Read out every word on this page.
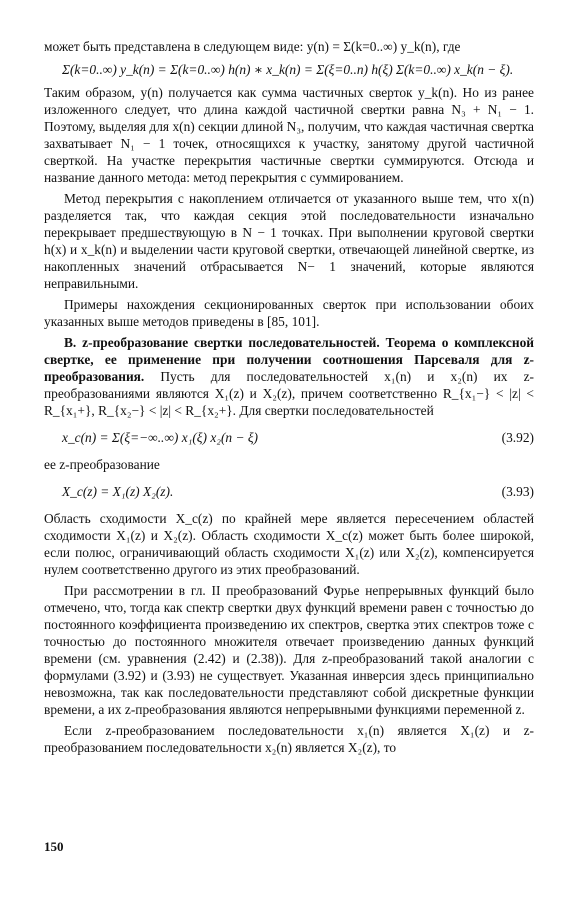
может быть представлена в следующем виде: y(n) = Σ(k=0..∞) y_k(n), где

Σ(k=0..∞) y_k(n) = Σ(k=0..∞) h(n) ∗ x_k(n) = Σ(ξ=0..n) h(ξ) Σ(k=0..∞) x_k(n − ξ).

Таким образом, y(n) получается как сумма частичных сверток y_k(n). Но из ранее изложенного следует, что длина каждой частичной свертки равна N₃ + N₁ − 1. Поэтому, выделяя для x(n) секции длиной N₃, получим, что каждая частичная свертка захватывает N₁ − 1 точек, относящихся к участку, занятому другой частичной сверткой. На участке перекрытия частичные свертки суммируются. Отсюда и название данного метода: метод перекрытия с суммированием.

Метод перекрытия с накоплением отличается от указанного выше тем, что x(n) разделяется так, что каждая секция этой последовательности изначально перекрывает предшествующую в N − 1 точках. При выполнении круговой свертки h(x) и x_k(n) и выделении части круговой свертки, отвечающей линейной свертке, из накопленных значений отбрасывается N− 1 значений, которые являются неправильными.

Примеры нахождения секционированных сверток при использовании обоих указанных выше методов приведены в [85, 101].

В. z-преобразование свертки последовательностей. Теорема о комплексной свертке, ее применение при получении соотношения Парсеваля для z-преобразования. Пусть для последовательностей x₁(n) и x₂(n) их z-преобразованиями являются X₁(z) и X₂(z), причем соответственно R_{x₁−} < |z| < R_{x₁+}, R_{x₂−} < |z| < R_{x₂+}. Для свертки последовательностей

x_c(n) = Σ(ξ=−∞..∞) x₁(ξ) x₂(n − ξ)	(3.92)

ее z-преобразование

X_c(z) = X₁(z) X₂(z).	(3.93)

Область сходимости X_c(z) по крайней мере является пересечением областей сходимости X₁(z) и X₂(z). Область сходимости X_c(z) может быть более широкой, если полюс, ограничивающий область сходимости X₁(z) или X₂(z), компенсируется нулем соответственно другого из этих преобразований.

При рассмотрении в гл. II преобразований Фурье непрерывных функций было отмечено, что, тогда как спектр свертки двух функций времени равен с точностью до постоянного коэффициента произведению их спектров, свертка этих спектров тоже с точностью до постоянного множителя отвечает произведению данных функций времени (см. уравнения (2.42) и (2.38)). Для z-преобразований такой аналогии с формулами (3.92) и (3.93) не существует. Указанная инверсия здесь принципиально невозможна, так как последовательности представляют собой дискретные функции времени, а их z-преобразования являются непрерывными функциями переменной z.

Если z-преобразованием последовательности x₁(n) является X₁(z) и z-преобразованием последовательности x₂(n) является X₂(z), то

150
